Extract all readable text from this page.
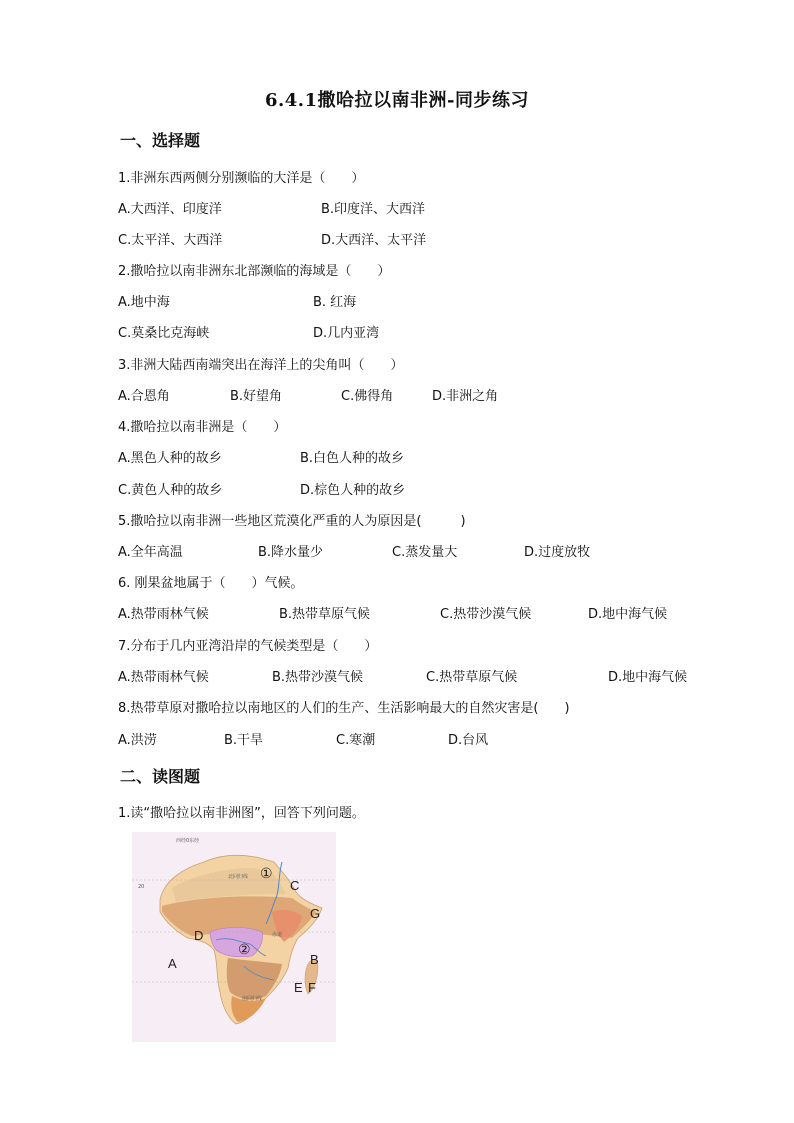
6.4.1撒哈拉以南非洲-同步练习
一、选择题
1.非洲东西两侧分别濒临的大洋是（　　）
A.大西洋、印度洋	B.印度洋、大西洋
C.太平洋、大西洋	D.大西洋、太平洋
2.撒哈拉以南非洲东北部濒临的海域是（　　）
A.地中海	B. 红海
C.莫桑比克海峡	D.几内亚湾
3.非洲大陆西南端突出在海洋上的尖角叫（　　）
A.合恩角	B.好望角	C.佛得角	D.非洲之角
4.撒哈拉以南非洲是（　　）
A.黑色人种的故乡	B.白色人种的故乡
C.黄色人种的故乡	D.棕色人种的故乡
5.撒哈拉以南非洲一些地区荒漠化严重的人为原因是(　　　)
A.全年高温	B.降水量少	C.蒸发量大	D.过度放牧
6. 刚果盆地属于（　　）气候。
A.热带雨林气候	B.热带草原气候	C.热带沙漠气候	D.地中海气候
7.分布于几内亚湾沿岸的气候类型是（　　）
A.热带雨林气候	B.热带沙漠气候	C.热带草原气候	D.地中海气候
8.热带草原对撒哈拉以南地区的人们的生产、生活影响最大的自然灾害是(　　)
A.洪涝	B.干旱	C.寒潮	D.台风
二、读图题
1.读“撒哈拉以南非洲图”，回答下列问题。
西经0东经
北回归线
南回归线
赤道
20
①
②
A	B
C
D
E F
G
